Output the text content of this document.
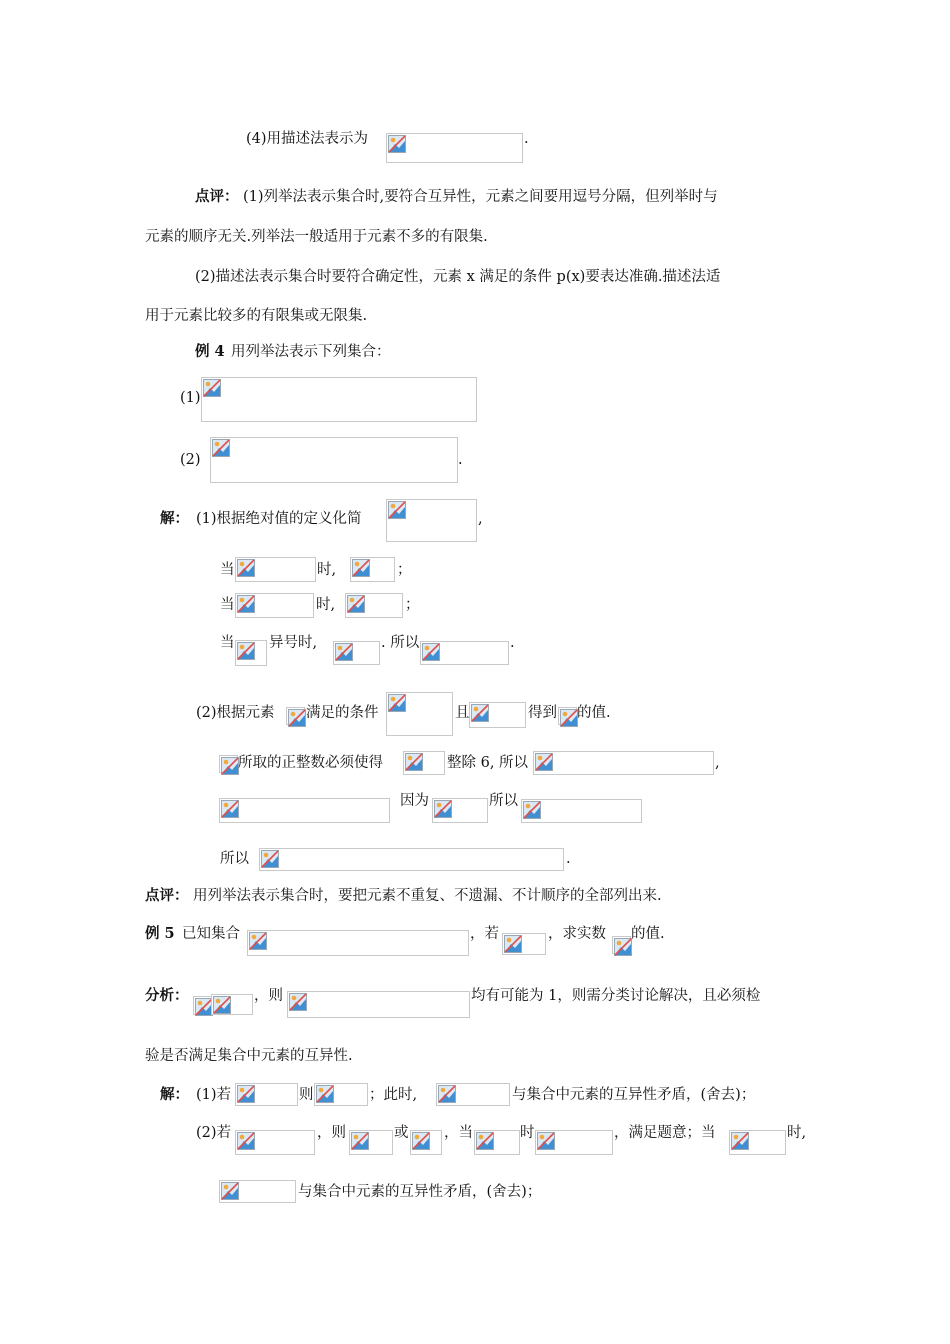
(4)用描述法表示为	.
点评： (1)列举法表示集合时,要符合互异性，元素之间要用逗号分隔，但列举时与
元素的顺序无关.列举法一般适用于元素不多的有限集.
(2)描述法表示集合时要符合确定性，元素 x 满足的条件 p(x)要表达准确.描述法适
用于元素比较多的有限集或无限集.
例 4 用列举法表示下列集合：
(1)
(2)	.
解： (1)根据绝对值的定义化简	,
当	时,	；
当	时,	；
当 异号时,	. 所以	.
(2)根据元素 满足的条件	且	得到 的值.
所取的正整数必须使得	整除 6, 所以	,
因为	所以
所以	.
点评： 用列举法表示集合时，要把元素不重复、不遗漏、不计顺序的全部列出来.
例 5 已知集合	，若	，求实数 的值.
分析：	，则	均有可能为 1，则需分类讨论解决，且必须检
验是否满足集合中元素的互异性.
解： (1)若	则	；此时,	与集合中元素的互异性矛盾，(舍去)；
(2)若	，则	或 ，当	时	，满足题意；当	时,
与集合中元素的互异性矛盾，(舍去)；
